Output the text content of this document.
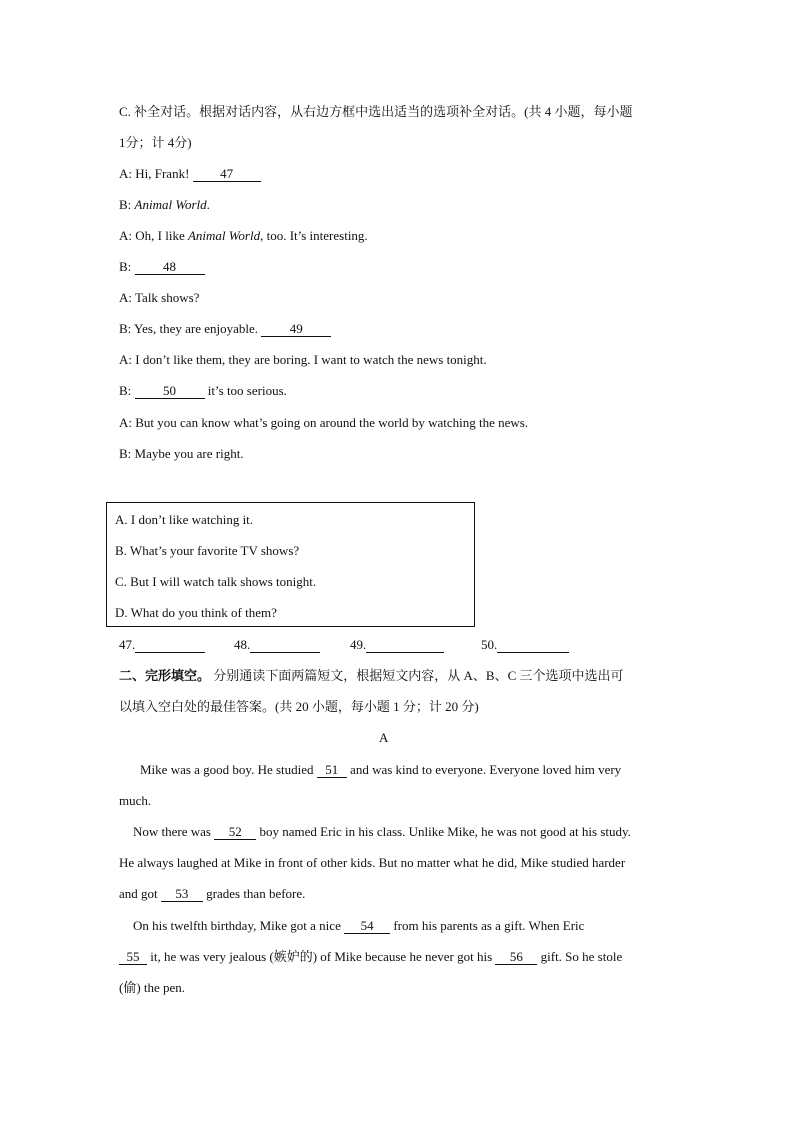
C. 补全对话。根据对话内容，从右边方框中选出适当的选项补全对话。(共 4 小题，每小题
1分；计 4分)
A: Hi, Frank! 47
B: Animal World.
A: Oh, I like Animal World, too. It’s interesting.
B: 48
A: Talk shows?
B: Yes, they are enjoyable. 49
A: I don’t like them, they are boring. I want to watch the news tonight.
B: 50 it’s too serious.
A: But you can know what’s going on around the world by watching the news.
B: Maybe you are right.
A. I don’t like watching it.
B. What’s your favorite TV shows?
C. But I will watch talk shows tonight.
D. What do you think of them?
47.	48.	49.	50.
二、完形填空。 分别通读下面两篇短文，根据短文内容，从 A、B、C 三个选项中选出可
以填入空白处的最佳答案。(共 20 小题，每小题 1 分；计 20 分)
A
Mike was a good boy. He studied 51 and was kind to everyone. Everyone loved him very
much.
Now there was 52 boy named Eric in his class. Unlike Mike, he was not good at his study.
He always laughed at Mike in front of other kids. But no matter what he did, Mike studied harder
and got 53 grades than before.
On his twelfth birthday, Mike got a nice 54 from his parents as a gift. When Eric
55 it, he was very jealous (嫉妒的) of Mike because he never got his 56 gift. So he stole
(偷) the pen.
